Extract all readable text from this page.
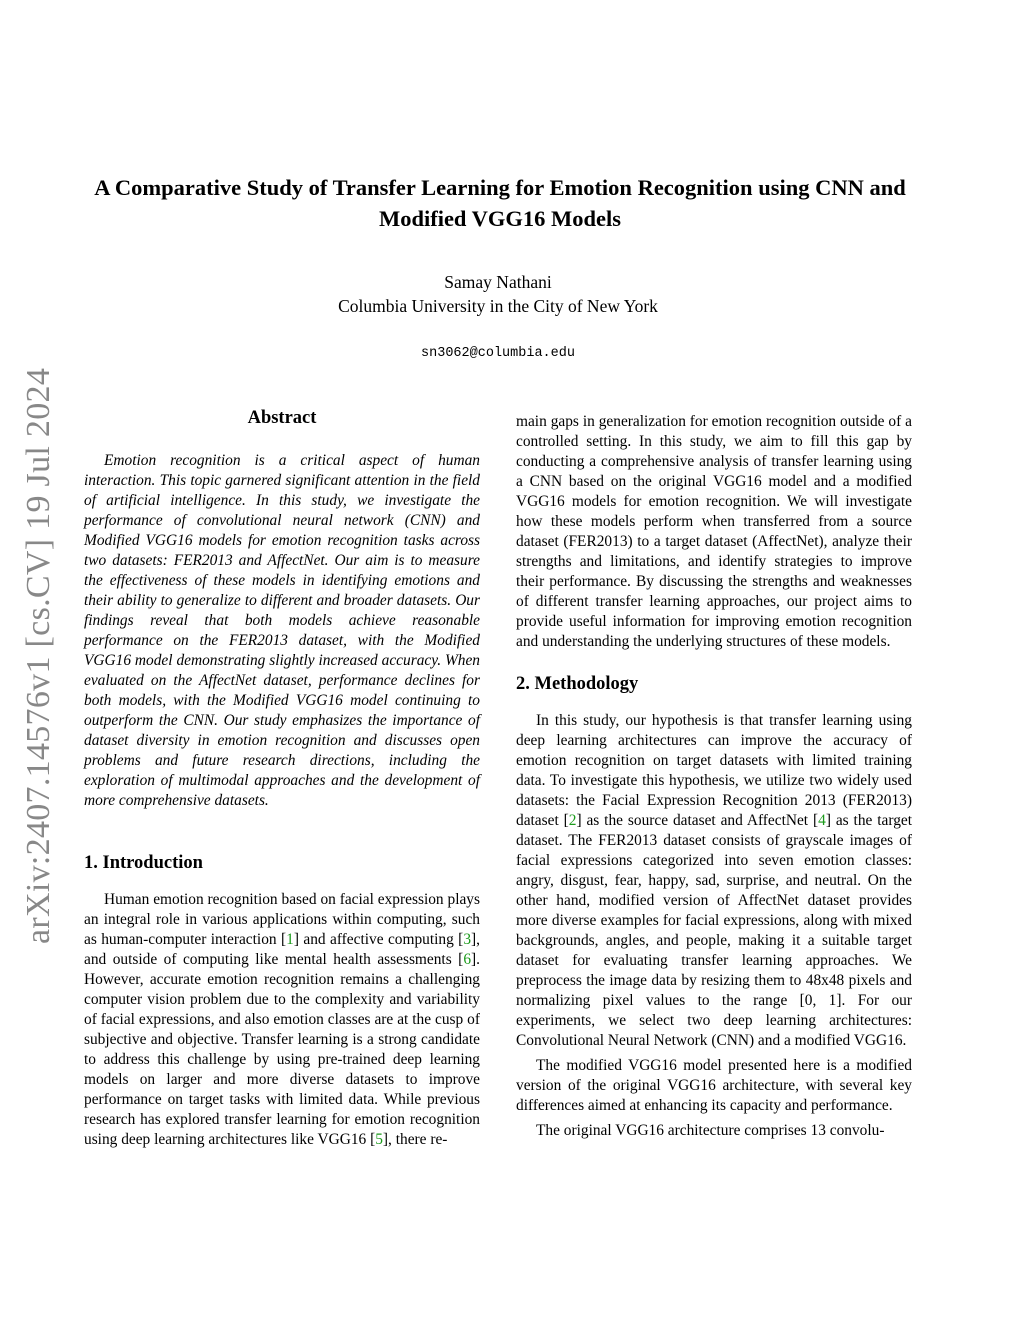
arXiv:2407.14576v1 [cs.CV] 19 Jul 2024
A Comparative Study of Transfer Learning for Emotion Recognition using CNN and Modified VGG16 Models

Samay Nathani

Columbia University in the City of New York

sn3062@columbia.edu

Abstract

Emotion recognition is a critical aspect of human interaction. This topic garnered significant attention in the field of artificial intelligence. In this study, we investigate the performance of convolutional neural network (CNN) and Modified VGG16 models for emotion recognition tasks across two datasets: FER2013 and AffectNet. Our aim is to measure the effectiveness of these models in identifying emotions and their ability to generalize to different and broader datasets. Our findings reveal that both models achieve reasonable performance on the FER2013 dataset, with the Modified VGG16 model demonstrating slightly increased accuracy. When evaluated on the AffectNet dataset, performance declines for both models, with the Modified VGG16 model continuing to outperform the CNN. Our study emphasizes the importance of dataset diversity in emotion recognition and discusses open problems and future research directions, including the exploration of multimodal approaches and the development of more comprehensive datasets.

1. Introduction

Human emotion recognition based on facial expression plays an integral role in various applications within computing, such as human-computer interaction [1] and affective computing [3], and outside of computing like mental health assessments [6]. However, accurate emotion recognition remains a challenging computer vision problem due to the complexity and variability of facial expressions, and also emotion classes are at the cusp of subjective and objective. Transfer learning is a strong candidate to address this challenge by using pre-trained deep learning models on larger and more diverse datasets to improve performance on target tasks with limited data. While previous research has explored transfer learning for emotion recognition using deep learning architectures like VGG16 [5], there re-

main gaps in generalization for emotion recognition outside of a controlled setting. In this study, we aim to fill this gap by conducting a comprehensive analysis of transfer learning using a CNN based on the original VGG16 model and a modified VGG16 models for emotion recognition. We will investigate how these models perform when transferred from a source dataset (FER2013) to a target dataset (AffectNet), analyze their strengths and limitations, and identify strategies to improve their performance. By discussing the strengths and weaknesses of different transfer learning approaches, our project aims to provide useful information for improving emotion recognition and understanding the underlying structures of these models.

2. Methodology

In this study, our hypothesis is that transfer learning using deep learning architectures can improve the accuracy of emotion recognition on target datasets with limited training data. To investigate this hypothesis, we utilize two widely used datasets: the Facial Expression Recognition 2013 (FER2013) dataset [2] as the source dataset and AffectNet [4] as the target dataset. The FER2013 dataset consists of grayscale images of facial expressions categorized into seven emotion classes: angry, disgust, fear, happy, sad, surprise, and neutral. On the other hand, modified version of AffectNet dataset provides more diverse examples for facial expressions, along with mixed backgrounds, angles, and people, making it a suitable target dataset for evaluating transfer learning approaches. We preprocess the image data by resizing them to 48x48 pixels and normalizing pixel values to the range [0, 1]. For our experiments, we select two deep learning architectures: Convolutional Neural Network (CNN) and a modified VGG16.

The modified VGG16 model presented here is a modified version of the original VGG16 architecture, with several key differences aimed at enhancing its capacity and performance.

The original VGG16 architecture comprises 13 convolu-
